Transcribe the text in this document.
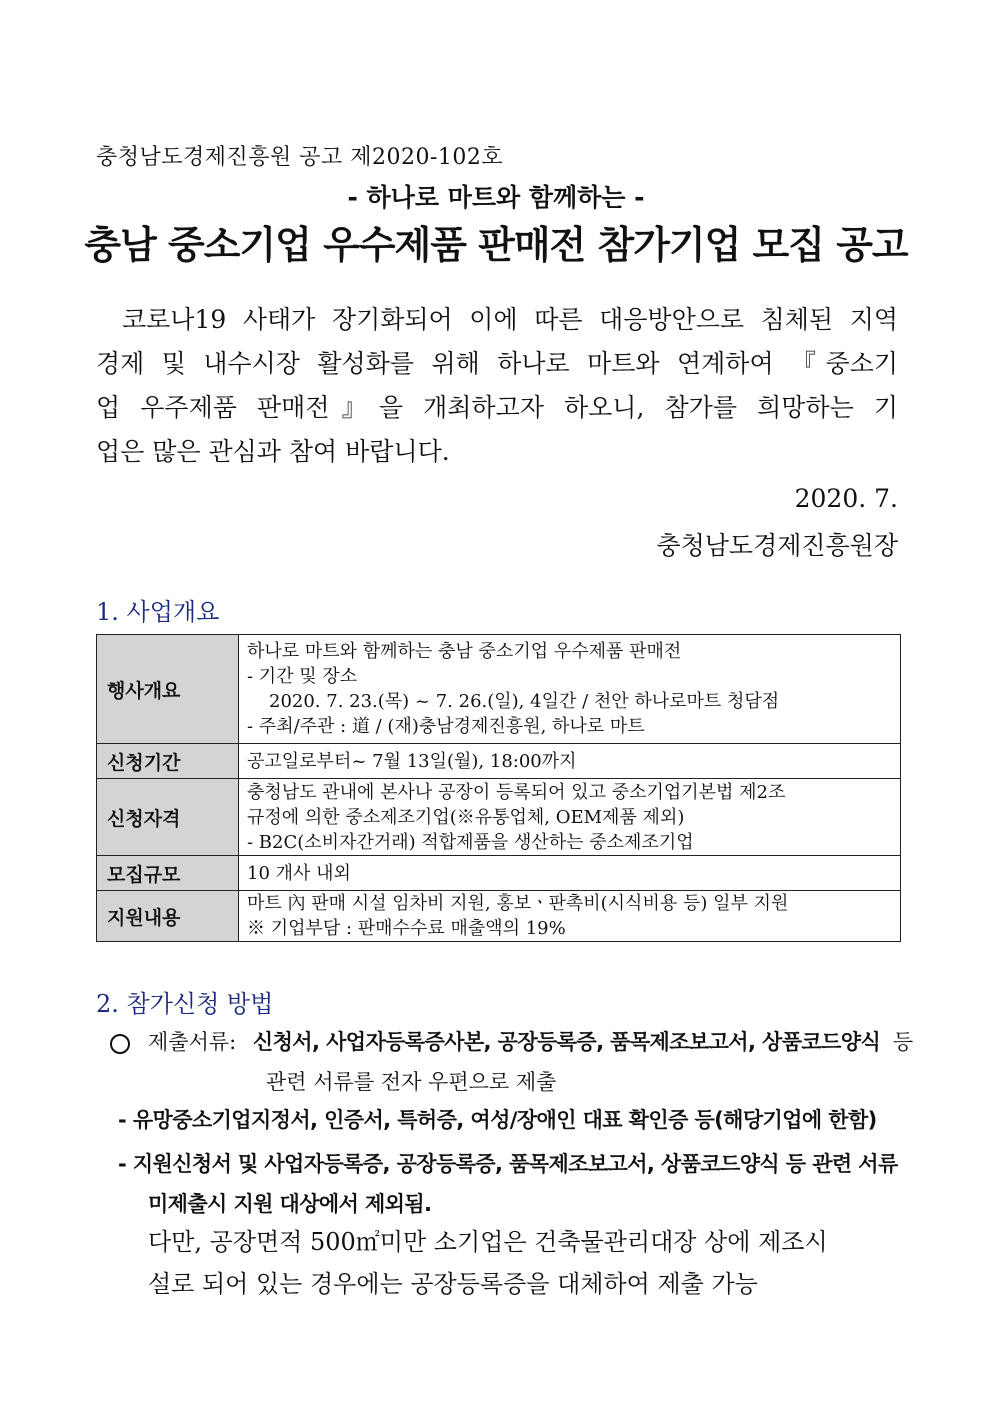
충청남도경제진흥원 공고 제2020-102호
- 하나로 마트와 함께하는 -
충남 중소기업 우수제품 판매전 참가기업 모집 공고
코로나19 사태가 장기화되어 이에 따른 대응방안으로 침체된 지역
경제 및 내수시장 활성화를 위해 하나로 마트와 연계하여 『중소기
업 우주제품 판매전』을 개최하고자 하오니, 참가를 희망하는 기
업은 많은 관심과 참여 바랍니다.
2020. 7.
충청남도경제진흥원장
1. 사업개요
행사개요	하나로 마트와 함께하는 충남 중소기업 우수제품 판매전
- 기간 및 장소
2020. 7. 23.(목) ~ 7. 26.(일), 4일간 / 천안 하나로마트 청담점
- 주최/주관 : 道 / (재)충남경제진흥원, 하나로 마트

신청기간	공고일로부터~ 7월 13일(월), 18:00까지

신청자격	충청남도 관내에 본사나 공장이 등록되어 있고 중소기업기본법 제2조
규정에 의한 중소제조기업(※유통업체, OEM제품 제외)
- B2C(소비자간거래) 적합제품을 생산하는 중소제조기업

모집규모	10 개사 내외

지원내용	마트 內 판매 시설 임차비 지원, 홍보ㆍ판촉비(시식비용 등) 일부 지원
※ 기업부담 : 판매수수료 매출액의 19%
2. 참가신청 방법
제출서류: 신청서, 사업자등록증사본, 공장등록증, 품목제조보고서, 상품코드양식 등
관련 서류를 전자 우편으로 제출
- 유망중소기업지정서, 인증서, 특허증, 여성/장애인 대표 확인증 등(해당기업에 한함)
- 지원신청서 및 사업자등록증, 공장등록증, 품목제조보고서, 상품코드양식 등 관련 서류
미제출시 지원 대상에서 제외됨.
다만, 공장면적 500㎡미만 소기업은 건축물관리대장 상에 제조시
설로 되어 있는 경우에는 공장등록증을 대체하여 제출 가능
